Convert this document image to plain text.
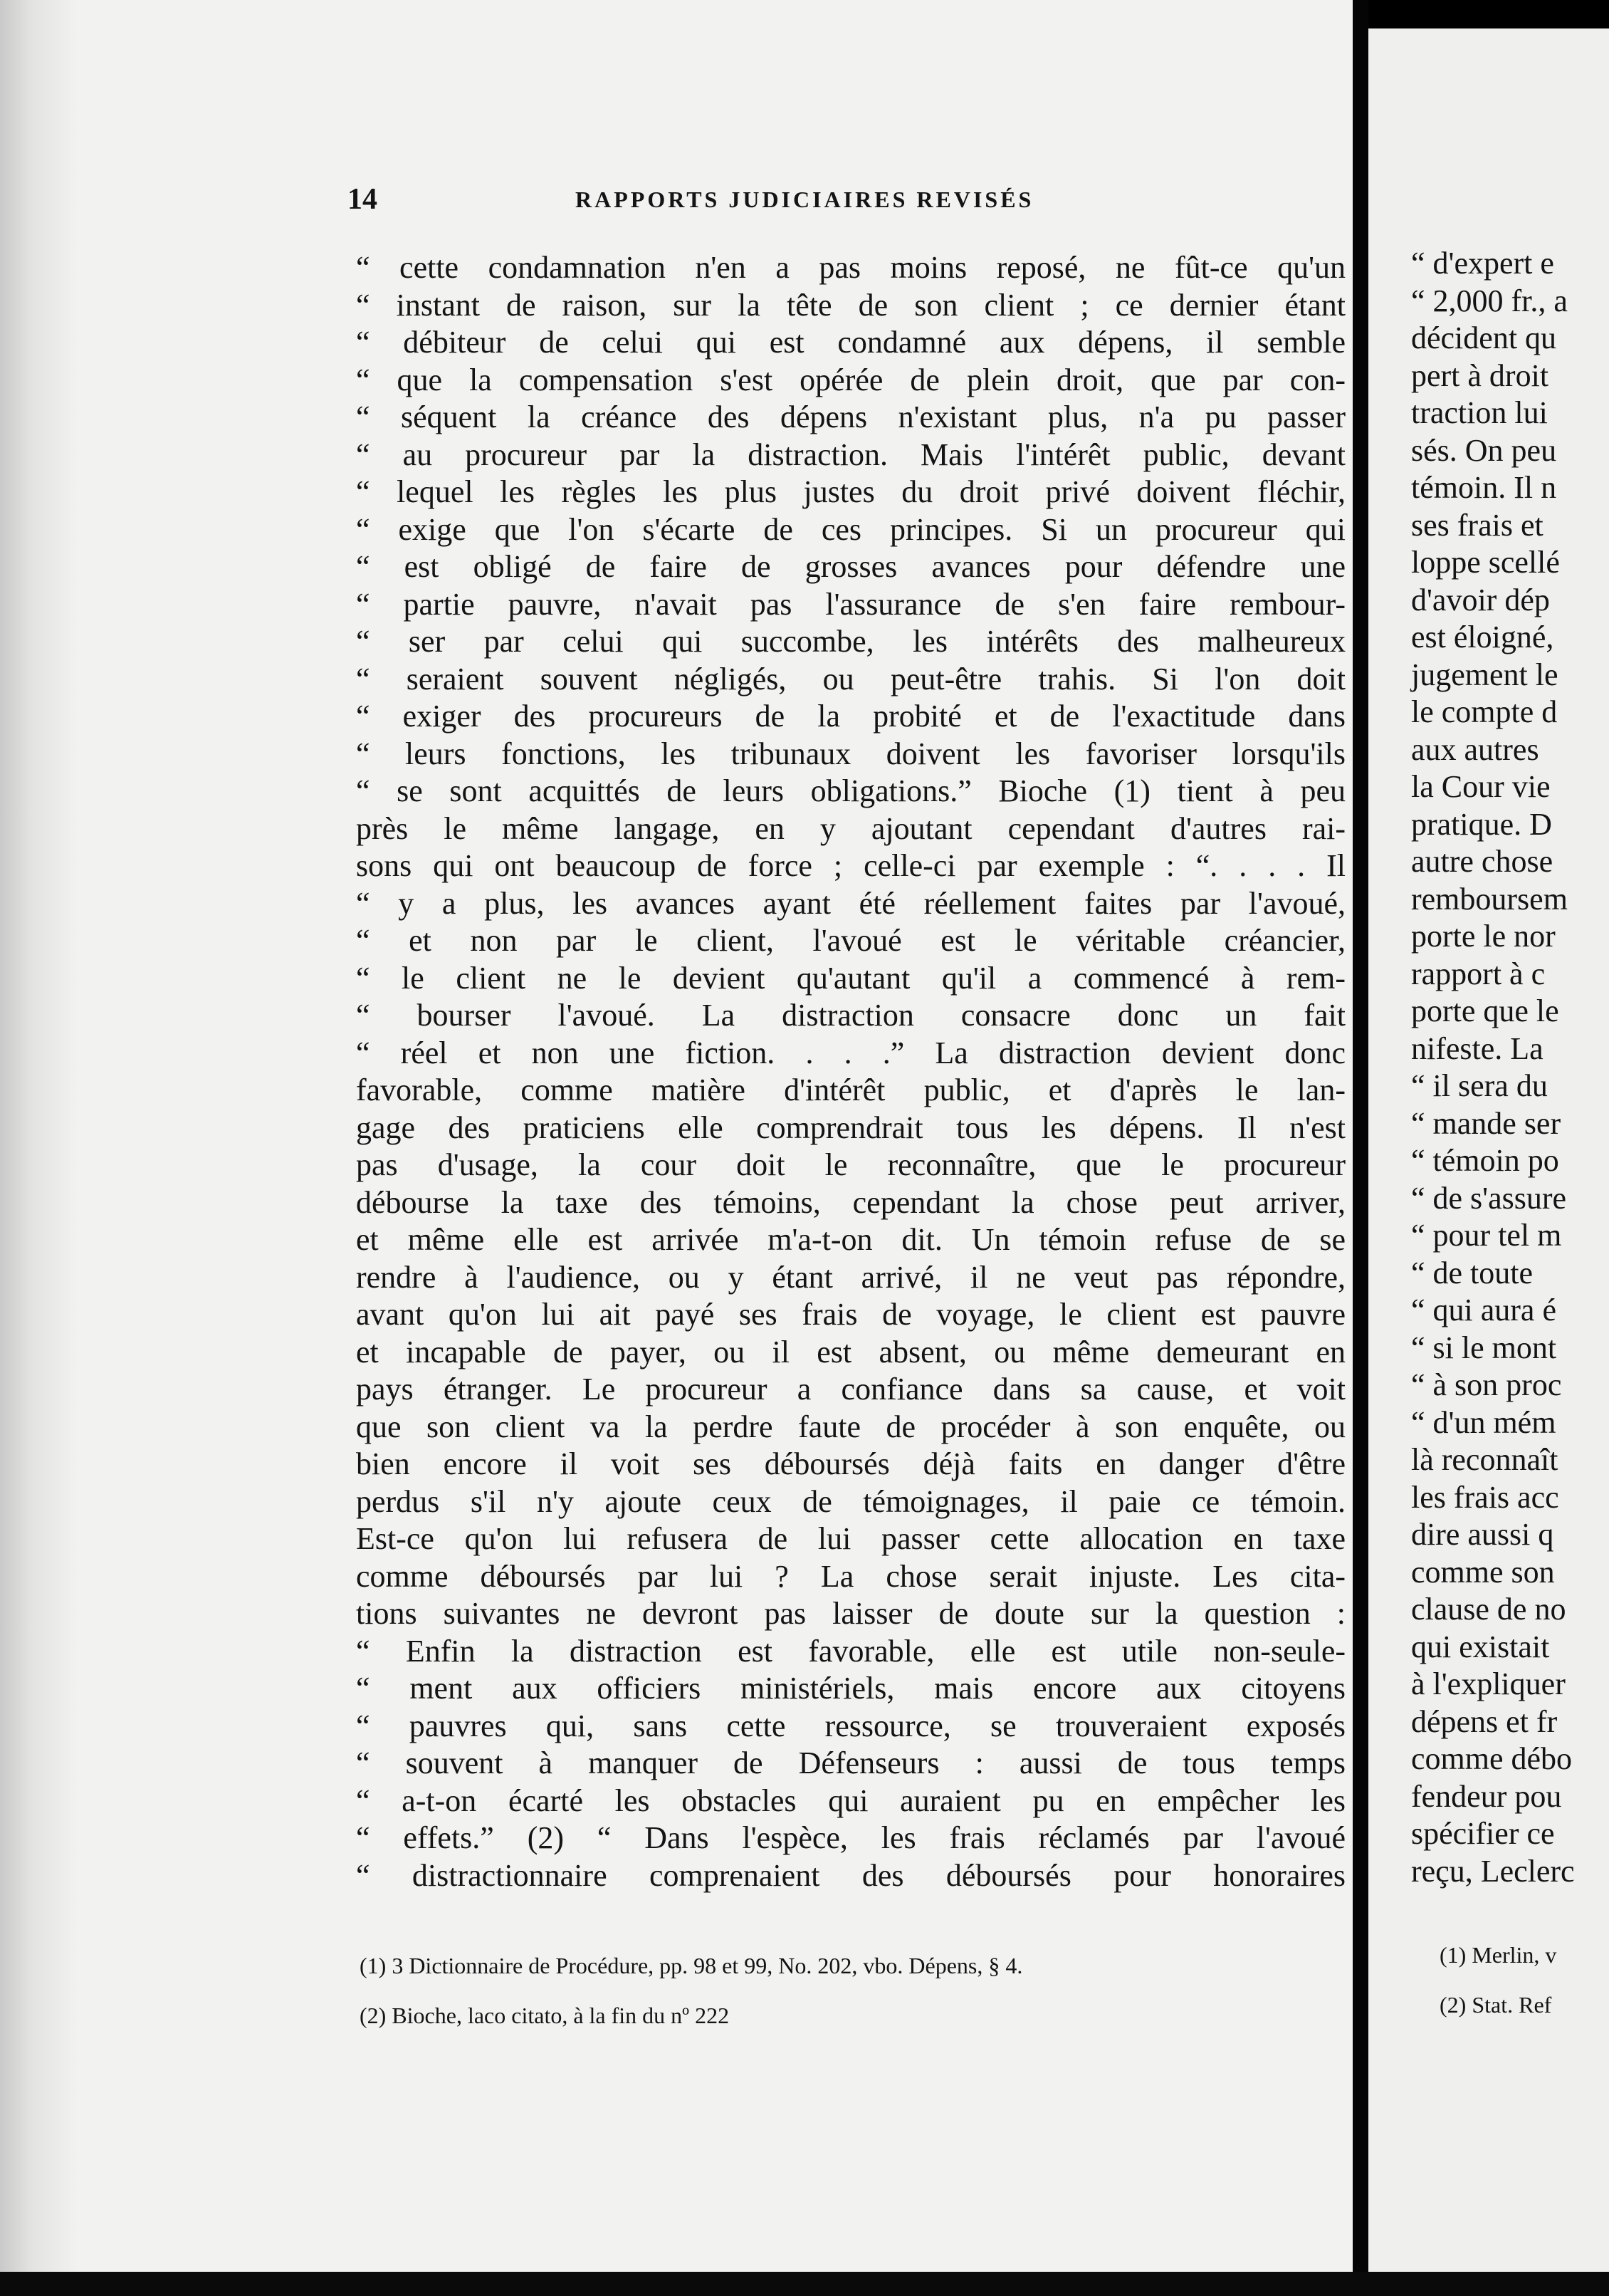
14	RAPPORTS JUDICIAIRES REVISÉS
“ cette condamnation n'en a pas moins reposé, ne fût-ce qu'un
“ instant de raison, sur la tête de son client ; ce dernier étant
“ débiteur de celui qui est condamné aux dépens, il semble
“ que la compensation s'est opérée de plein droit, que par con-
“ séquent la créance des dépens n'existant plus, n'a pu passer
“ au procureur par la distraction. Mais l'intérêt public, devant
“ lequel les règles les plus justes du droit privé doivent fléchir,
“ exige que l'on s'écarte de ces principes. Si un procureur qui
“ est obligé de faire de grosses avances pour défendre une
“ partie pauvre, n'avait pas l'assurance de s'en faire rembour-
“ ser par celui qui succombe, les intérêts des malheureux
“ seraient souvent négligés, ou peut-être trahis. Si l'on doit
“ exiger des procureurs de la probité et de l'exactitude dans
“ leurs fonctions, les tribunaux doivent les favoriser lorsqu'ils
“ se sont acquittés de leurs obligations.” Bioche (1) tient à peu
près le même langage, en y ajoutant cependant d'autres rai-
sons qui ont beaucoup de force ; celle-ci par exemple : “. . . . Il
“ y a plus, les avances ayant été réellement faites par l'avoué,
“ et non par le client, l'avoué est le véritable créancier,
“ le client ne le devient qu'autant qu'il a commencé à rem-
“ bourser l'avoué. La distraction consacre donc un fait
“ réel et non une fiction. . . .” La distraction devient donc
favorable, comme matière d'intérêt public, et d'après le lan-
gage des praticiens elle comprendrait tous les dépens. Il n'est
pas d'usage, la cour doit le reconnaître, que le procureur
débourse la taxe des témoins, cependant la chose peut arriver,
et même elle est arrivée m'a-t-on dit. Un témoin refuse de se
rendre à l'audience, ou y étant arrivé, il ne veut pas répondre,
avant qu'on lui ait payé ses frais de voyage, le client est pauvre
et incapable de payer, ou il est absent, ou même demeurant en
pays étranger. Le procureur a confiance dans sa cause, et voit
que son client va la perdre faute de procéder à son enquête, ou
bien encore il voit ses déboursés déjà faits en danger d'être
perdus s'il n'y ajoute ceux de témoignages, il paie ce témoin.
Est-ce qu'on lui refusera de lui passer cette allocation en taxe
comme déboursés par lui ? La chose serait injuste. Les cita-
tions suivantes ne devront pas laisser de doute sur la question :
“ Enfin la distraction est favorable, elle est utile non-seule-
“ ment aux officiers ministériels, mais encore aux citoyens
“ pauvres qui, sans cette ressource, se trouveraient exposés
“ souvent à manquer de Défenseurs : aussi de tous temps
“ a-t-on écarté les obstacles qui auraient pu en empêcher les
“ effets.” (2) “ Dans l'espèce, les frais réclamés par l'avoué
“ distractionnaire comprenaient des déboursés pour honoraires
(1) 3 Dictionnaire de Procédure, pp. 98 et 99, No. 202, vbo. Dépens, § 4.
(2) Bioche, laco citato, à la fin du nº 222
“ d'expert e
“ 2,000 fr., a
décident qu
pert à droit
traction lui
sés. On peu
témoin. Il n
ses frais et
loppe scellé
d'avoir dép
est éloigné,
jugement le
le compte d
aux autres
la Cour vie
pratique. D
autre chose
remboursem
porte le nor
rapport à c
porte que le
nifeste. La
“ il sera du
“ mande ser
“ témoin po
“ de s'assure
“ pour tel m
“ de toute
“ qui aura é
“ si le mont
“ à son proc
“ d'un mém
là reconnaît
les frais acc
dire aussi q
comme son
clause de no
qui existait
à l'expliquer
dépens et fr
comme débo
fendeur pou
spécifier ce
reçu, Leclerc
(1) Merlin, v
(2) Stat. Ref
